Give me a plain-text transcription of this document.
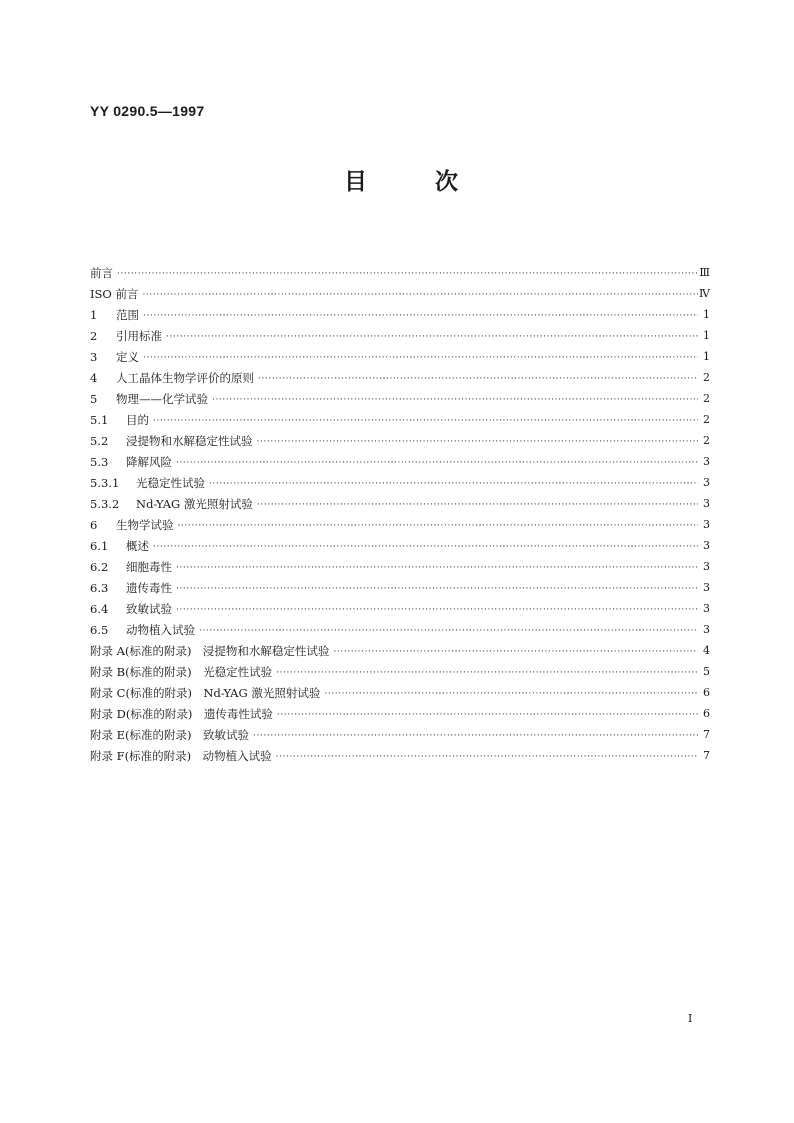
YY 0290.5—1997
目次
前言 ·····	Ⅲ
ISO 前言 ·····	Ⅳ
1 范围 ·····	1
2 引用标准 ·····	1
3 定义 ·····	1
4 人工晶体生物学评价的原则 ·····	2
5 物理——化学试验 ·····	2
5.1 目的 ·····	2
5.2 浸提物和水解稳定性试验 ·····	2
5.3 降解风险 ·····	3
5.3.1 光稳定性试验 ·····	3
5.3.2 Nd-YAG 激光照射试验 ·····	3
6 生物学试验 ·····	3
6.1 概述 ·····	3
6.2 细胞毒性 ·····	3
6.3 遗传毒性 ·····	3
6.4 致敏试验 ·····	3
6.5 动物植入试验 ·····	3
附录 A(标准的附录)　浸提物和水解稳定性试验 ·····	4
附录 B(标准的附录)　光稳定性试验 ·····	5
附录 C(标准的附录)　Nd-YAG 激光照射试验 ·····	6
附录 D(标准的附录)　遗传毒性试验 ·····	6
附录 E(标准的附录)　致敏试验 ·····	7
附录 F(标准的附录)　动物植入试验 ·····	7
I
